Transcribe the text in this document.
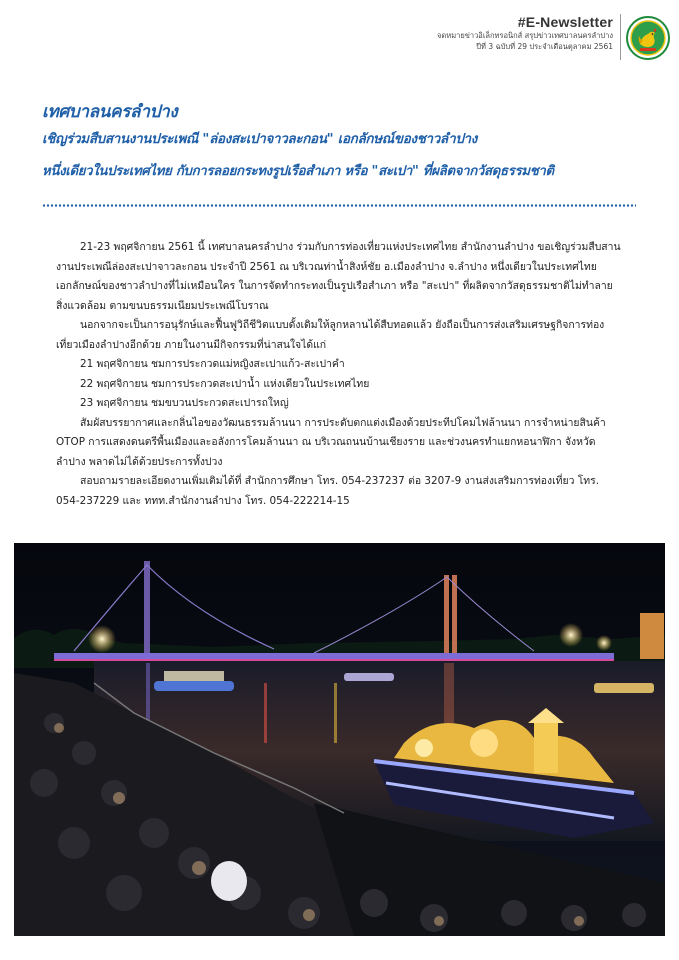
#E-Newsletter
จดหมายข่าวอิเล็กทรอนิกส์ สรุปข่าวเทศบาลนครลำปาง
ปีที่ 3 ฉบับที่ 29 ประจำเดือนตุลาคม 2561
เทศบาลนครลำปาง
เชิญร่วมสืบสานงานประเพณี "ล่องสะเปาจาวละกอน" เอกลักษณ์ของชาวลำปาง
หนึ่งเดียวในประเทศไทย กับการลอยกระทงรูปเรือสำเภา หรือ "สะเปา" ที่ผลิตจากวัสดุธรรมชาติ

21-23 พฤศจิกายน 2561 นี้ เทศบาลนครลำปาง ร่วมกับการท่องเที่ยวแห่งประเทศไทย สำนักงานลำปาง ขอเชิญร่วมสืบสานงานประเพณีล่องสะเปาจาวละกอน ประจำปี 2561 ณ บริเวณท่าน้ำสิงห์ชัย อ.เมืองลำปาง จ.ลำปาง หนึ่งเดียวในประเทศไทย เอกลักษณ์ของชาวลำปางที่ไม่เหมือนใคร ในการจัดทำกระทงเป็นรูปเรือสำเภา หรือ "สะเปา" ที่ผลิตจากวัสดุธรรมชาติไม่ทำลายสิ่งแวดล้อม ตามขนบธรรมเนียมประเพณีโบราณ

นอกจากจะเป็นการอนุรักษ์และฟื้นฟูวิถีชีวิตแบบดั้งเดิมให้ลูกหลานได้สืบทอดแล้ว ยังถือเป็นการส่งเสริมเศรษฐกิจการท่องเที่ยวเมืองลำปางอีกด้วย ภายในงานมีกิจกรรมที่น่าสนใจได้แก่

21 พฤศจิกายน ชมการประกวดแม่หญิงสะเปาแก้ว-สะเปาคำ

22 พฤศจิกายน ชมการประกวดสะเปาน้ำ แห่งเดียวในประเทศไทย

23 พฤศจิกายน ชมขบวนประกวดสะเปารถใหญ่

สัมผัสบรรยากาศและกลิ่นไอของวัฒนธรรมล้านนา การประดับตกแต่งเมืองด้วยประทีปโคมไฟล้านนา การจำหน่ายสินค้า OTOP การแสดงดนตรีพื้นเมืองและอลังการโคมล้านนา ณ บริเวณถนนบ้านเชียงราย และช่วงนครทำแยกหอนาฬิกา จังหวัดลำปาง พลาดไม่ได้ด้วยประการทั้งปวง

สอบถามรายละเอียดงานเพิ่มเติมได้ที่ สำนักการศึกษา โทร. 054-237237 ต่อ 3207-9 งานส่งเสริมการท่องเที่ยว โทร. 054-237229 และ ททท.สำนักงานลำปาง โทร. 054-222214-15
